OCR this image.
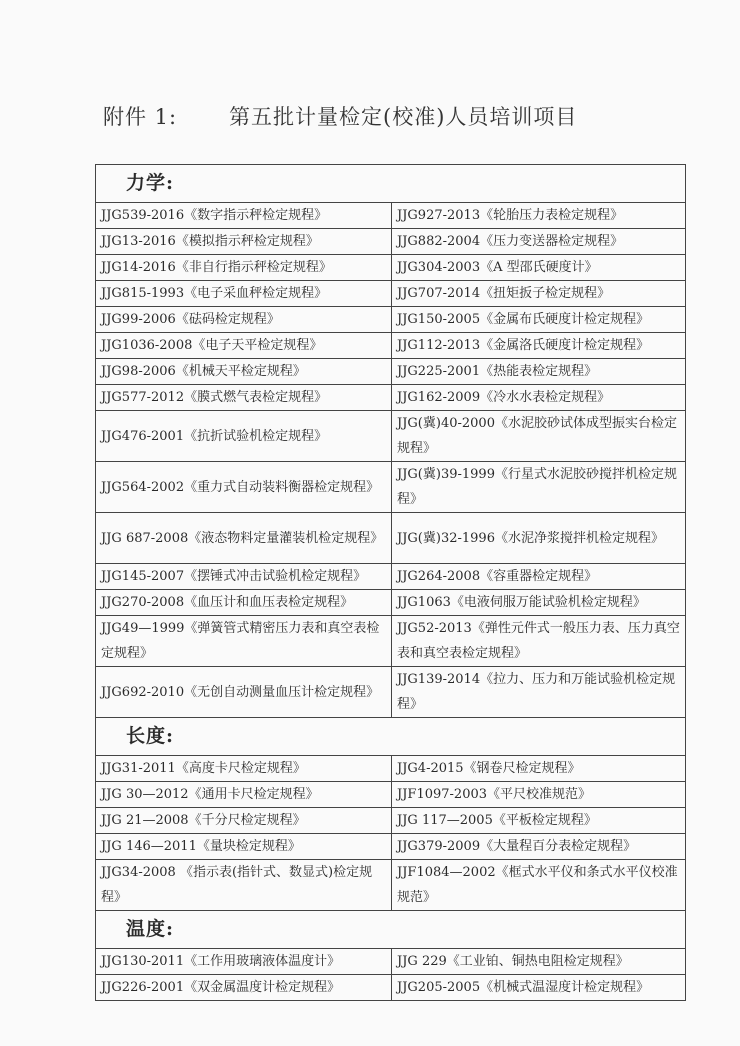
附件 1: 第五批计量检定(校准)人员培训项目
力学:	
JJG539-2016《数字指示秤检定规程》	JJG927-2013《轮胎压力表检定规程》
JJG13-2016《模拟指示秤检定规程》	JJG882-2004《压力变送器检定规程》
JJG14-2016《非自行指示秤检定规程》	JJG304-2003《A 型邵氏硬度计》
JJG815-1993《电子采血秤检定规程》	JJG707-2014《扭矩扳子检定规程》
JJG99-2006《砝码检定规程》	JJG150-2005《金属布氏硬度计检定规程》
JJG1036-2008《电子天平检定规程》	JJG112-2013《金属洛氏硬度计检定规程》
JJG98-2006《机械天平检定规程》	JJG225-2001《热能表检定规程》
JJG577-2012《膜式燃气表检定规程》	JJG162-2009《冷水水表检定规程》
JJG476-2001《抗折试验机检定规程》	JJG(冀)40-2000《水泥胶砂试体成型振实台检定规程》
JJG564-2002《重力式自动装料衡器检定规程》	JJG(冀)39-1999《行星式水泥胶砂搅拌机检定规程》
JJG 687-2008《液态物料定量灌装机检定规程》	JJG(冀)32-1996《水泥净浆搅拌机检定规程》
JJG145-2007《摆锤式冲击试验机检定规程》	JJG264-2008《容重器检定规程》
JJG270-2008《血压计和血压表检定规程》	JJG1063《电液伺服万能试验机检定规程》
JJG49—1999《弹簧管式精密压力表和真空表检定规程》	JJG52-2013《弹性元件式一般压力表、压力真空表和真空表检定规程》
JJG692-2010《无创自动测量血压计检定规程》	JJG139-2014《拉力、压力和万能试验机检定规程》
长度:	
JJG31-2011《高度卡尺检定规程》	JJG4-2015《钢卷尺检定规程》
JJG 30—2012《通用卡尺检定规程》	JJF1097-2003《平尺校准规范》
JJG 21—2008《千分尺检定规程》	JJG 117—2005《平板检定规程》
JJG 146—2011《量块检定规程》	JJG379-2009《大量程百分表检定规程》
JJG34-2008 《指示表(指针式、数显式)检定规程》	JJF1084—2002《框式水平仪和条式水平仪校准规范》
温度:	
JJG130-2011《工作用玻璃液体温度计》	JJG 229《工业铂、铜热电阻检定规程》
JJG226-2001《双金属温度计检定规程》	JJG205-2005《机械式温湿度计检定规程》
